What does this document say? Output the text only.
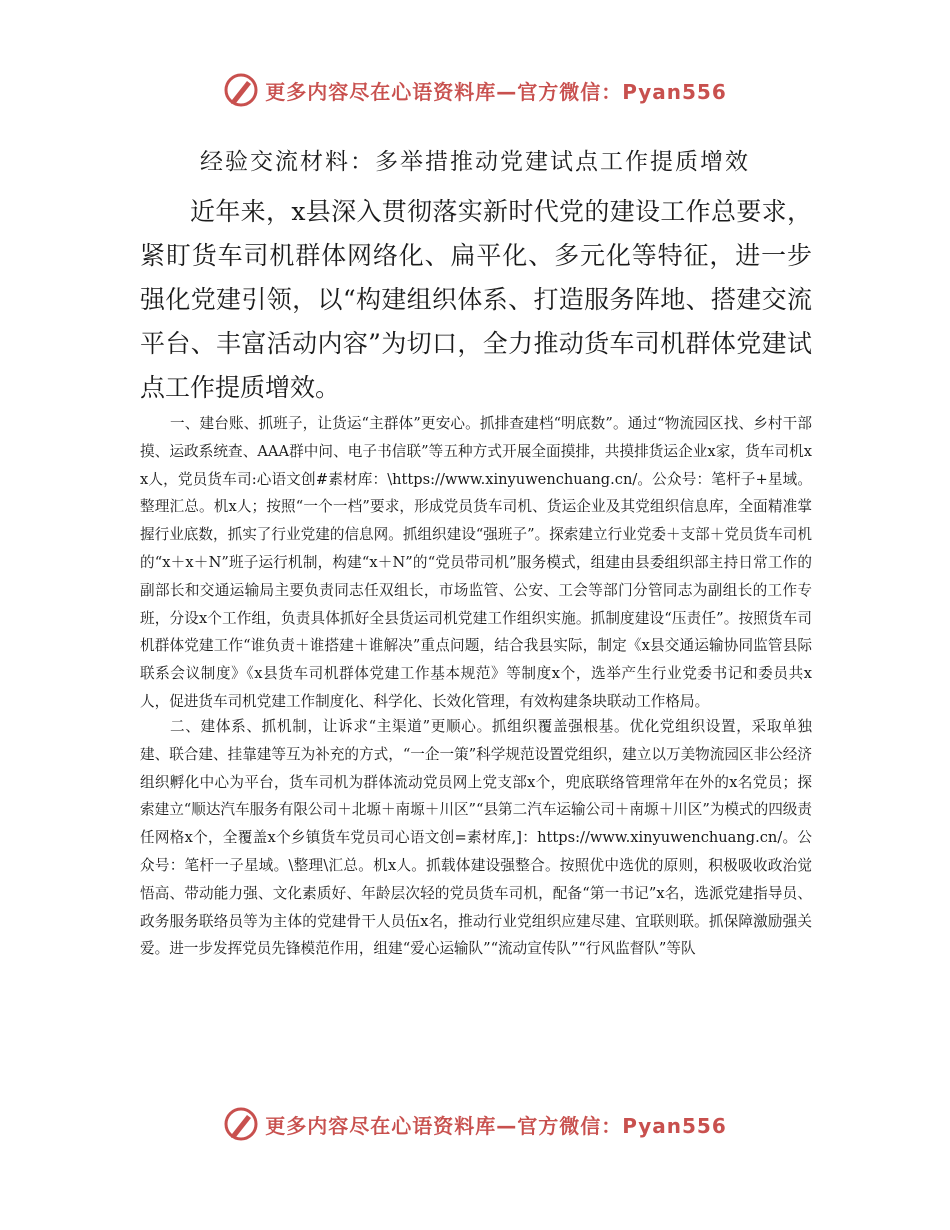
更多内容尽在心语资料库—官方微信：Pyan556
经验交流材料：多举措推动党建试点工作提质增效

近年来，x县深入贯彻落实新时代党的建设工作总要求，紧盯货车司机群体网络化、扁平化、多元化等特征，进一步强化党建引领，以“构建组织体系、打造服务阵地、搭建交流平台、丰富活动内容”为切口，全力推动货车司机群体党建试点工作提质增效。

一、建台账、抓班子，让货运“主群体”更安心。抓排查建档“明底数”。通过“物流园区找、乡村干部摸、运政系统查、AAA群中问、电子书信联”等五种方式开展全面摸排，共摸排货运企业x家，货车司机xx人，党员货车司:心语文创#素材库：\https://www.xinyuwenchuang.cn/。公众号：笔杆子+星域。整理汇总。机x人；按照“一个一档”要求，形成党员货车司机、货运企业及其党组织信息库，全面精准掌握行业底数，抓实了行业党建的信息网。抓组织建设“强班子”。探索建立行业党委＋支部＋党员货车司机的“x＋x＋N”班子运行机制，构建“x＋N”的“党员带司机”服务模式，组建由县委组织部主持日常工作的副部长和交通运输局主要负责同志任双组长，市场监管、公安、工会等部门分管同志为副组长的工作专班，分设x个工作组，负责具体抓好全县货运司机党建工作组织实施。抓制度建设“压责任”。按照货车司机群体党建工作“谁负责＋谁搭建＋谁解决”重点问题，结合我县实际，制定《x县交通运输协同监管县际联系会议制度》《x县货车司机群体党建工作基本规范》等制度x个，选举产生行业党委书记和委员共x人，促进货车司机党建工作制度化、科学化、长效化管理，有效构建条块联动工作格局。

二、建体系、抓机制，让诉求“主渠道”更顺心。抓组织覆盖强根基。优化党组织设置，采取单独建、联合建、挂靠建等互为补充的方式，“一企一策”科学规范设置党组织，建立以万美物流园区非公经济组织孵化中心为平台，货车司机为群体流动党员网上党支部x个，兜底联络管理常年在外的x名党员；探索建立“顺达汽车服务有限公司＋北塬＋南塬＋川区”“县第二汽车运输公司＋南塬＋川区”为模式的四级责任网格x个，全覆盖x个乡镇货车党员司心语文创=素材库,]：https://www.xinyuwenchuang.cn/。公众号：笔杆一子星域。\整理\汇总。机x人。抓载体建设强整合。按照优中选优的原则，积极吸收政治觉悟高、带动能力强、文化素质好、年龄层次轻的党员货车司机，配备“第一书记”x名，选派党建指导员、政务服务联络员等为主体的党建骨干人员伍x名，推动行业党组织应建尽建、宜联则联。抓保障激励强关爱。进一步发挥党员先锋模范作用，组建“爱心运输队”“流动宣传队”“行风监督队”等队

更多内容尽在心语资料库—官方微信：Pyan556
